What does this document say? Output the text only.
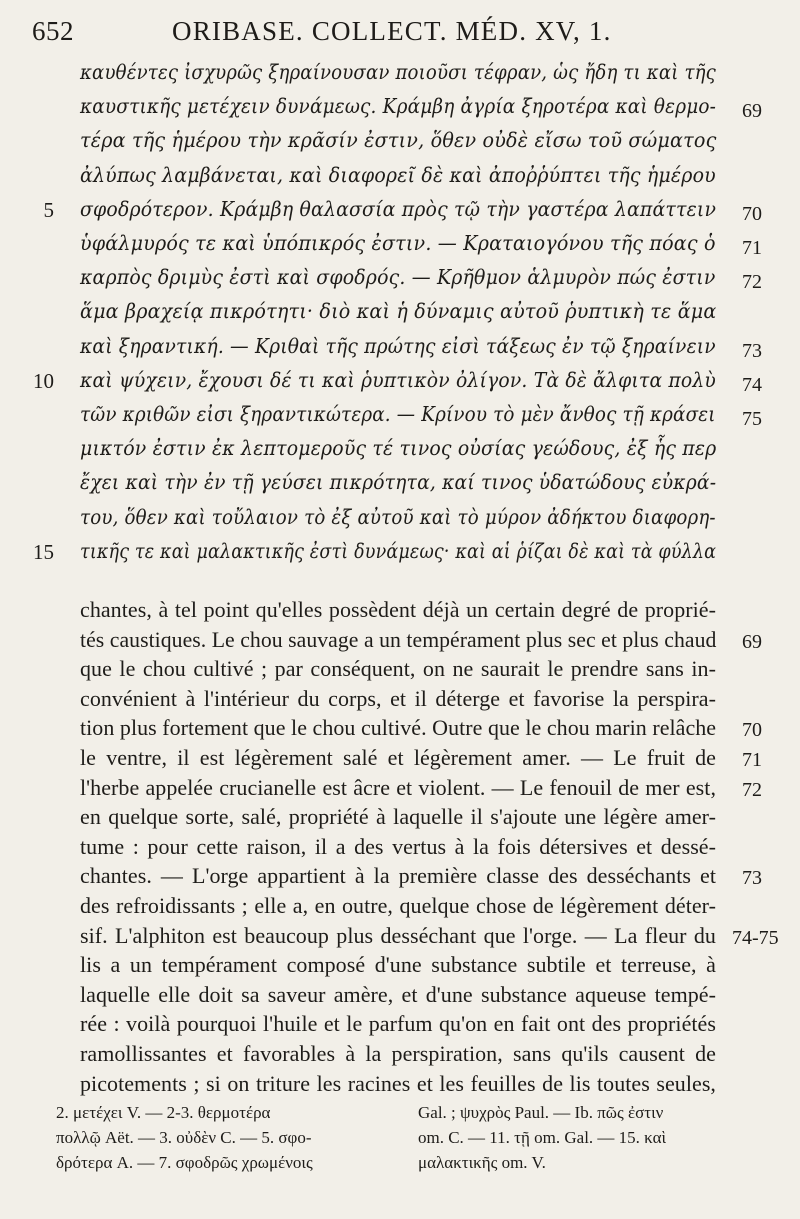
652	ORIBASE. COLLECT. MÉD. XV, 1.
καυθέντες ἰσχυρῶς ξηραίνουσαν ποιοῦσι τέφραν, ὡς ἤδη τι καὶ τῆς
καυστικῆς μετέχειν δυνάμεως. Κράμβη ἀγρία ξηροτέρα καὶ θερμο- 69
τέρα τῆς ἡμέρου τὴν κρᾶσίν ἐστιν, ὅθεν οὐδὲ εἴσω τοῦ σώματος
ἀλύπως λαμβάνεται, καὶ διαφορεῖ δὲ καὶ ἀποῤῥύπτει τῆς ἡμέρου
σφοδρότερον. Κράμβη θαλασσία πρὸς τῷ τὴν γαστέρα λαπάττειν
5	70
ὑφάλμυρός τε καὶ ὑπόπικρός ἐστιν. — Κραταιογόνου τῆς πόας ὁ 71
καρπὸς δριμὺς ἐστὶ καὶ σφοδρός. — Κρῆθμον ἁλμυρὸν πώς ἐστιν 72
ἅμα βραχείᾳ πικρότητι· διὸ καὶ ἡ δύναμις αὐτοῦ ῥυπτικὴ τε ἅμα
καὶ ξηραντική. — Κριθαὶ τῆς πρώτης εἰσὶ τάξεως ἐν τῷ ξηραίνειν 73
καὶ ψύχειν, ἔχουσι δέ τι καὶ ῥυπτικὸν ὀλίγον. Τὰ δὲ ἄλφιτα πολὺ
10	74
τῶν κριθῶν εἰσι ξηραντικώτερα. — Κρίνου τὸ μὲν ἄνθος τῇ κράσει 75
μικτόν ἐστιν ἐκ λεπτομεροῦς τέ τινος οὐσίας γεώδους, ἐξ ἧς περ
ἔχει καὶ τὴν ἐν τῇ γεύσει πικρότητα, καί τινος ὑδατώδους εὐκρά-
του, ὅθεν καὶ τοὔλαιον τὸ ἐξ αὐτοῦ καὶ τὸ μύρον ἀδήκτου διαφορη-
τικῆς τε καὶ μαλακτικῆς ἐστὶ δυνάμεως· καὶ αἱ ῥίζαι δὲ καὶ τὰ φύλλα
15
chantes, à tel point qu'elles possèdent déjà un certain degré de proprié-
tés caustiques. Le chou sauvage a un tempérament plus sec et plus chaud 69
que le chou cultivé ; par conséquent, on ne saurait le prendre sans in-
convénient à l'intérieur du corps, et il déterge et favorise la perspira-
tion plus fortement que le chou cultivé. Outre que le chou marin relâche 70
le ventre, il est légèrement salé et légèrement amer. — Le fruit de 71
l'herbe appelée crucianelle est âcre et violent. — Le fenouil de mer est, 72
en quelque sorte, salé, propriété à laquelle il s'ajoute une légère amer-
tume : pour cette raison, il a des vertus à la fois détersives et dessé-
chantes. — L'orge appartient à la première classe des desséchants et 73
des refroidissants ; elle a, en outre, quelque chose de légèrement déter-
sif. L'alphiton est beaucoup plus desséchant que l'orge. — La fleur du 74-75
lis a un tempérament composé d'une substance subtile et terreuse, à
laquelle elle doit sa saveur amère, et d'une substance aqueuse tempé-
rée : voilà pourquoi l'huile et le parfum qu'on en fait ont des propriétés
ramollissantes et favorables à la perspiration, sans qu'ils causent de
picotements ; si on triture les racines et les feuilles de lis toutes seules,
2. μετέχει V. — 2-3. θερμοτέρα	Gal. ; ψυχρὸς Paul. — Ib. πῶς ἐστιν
πολλῷ Aët. — 3. οὐδὲν C. — 5. σφο-	om. C. — 11. τῇ om. Gal. — 15. καὶ
δρότερα A. — 7. σφοδρῶς χρωμένοις	μαλακτικῆς om. V.
